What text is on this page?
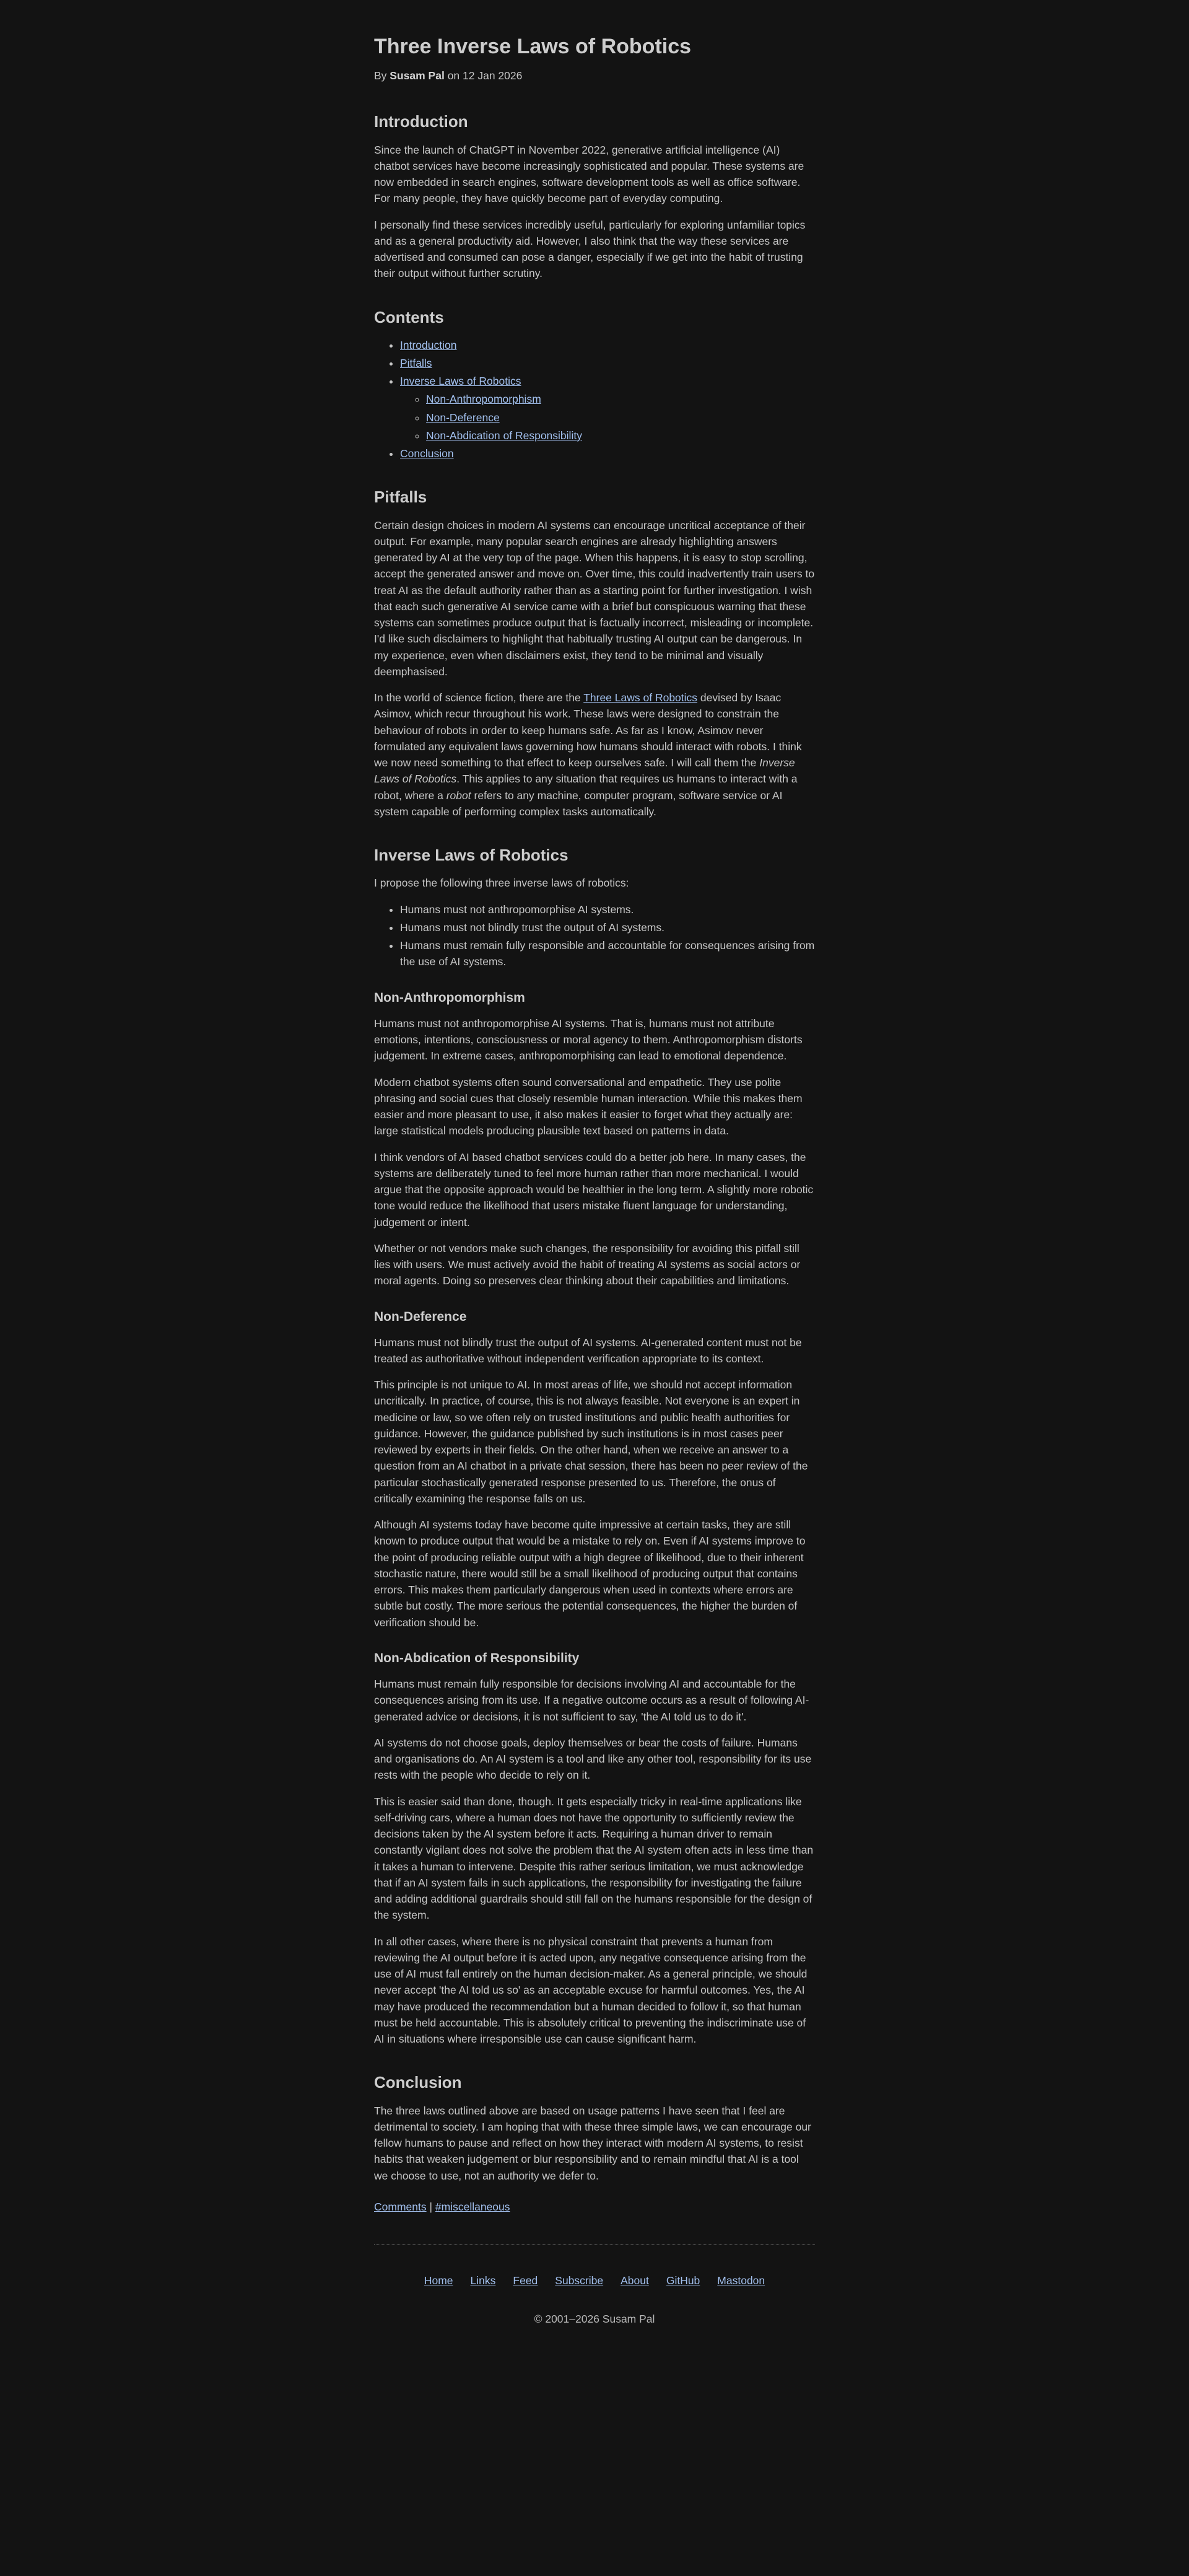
Three Inverse Laws of Robotics

By Susam Pal on 12 Jan 2026

Introduction

Since the launch of ChatGPT in November 2022, generative artificial intelligence (AI) chatbot services have become increasingly sophisticated and popular. These systems are now embedded in search engines, software development tools as well as office software. For many people, they have quickly become part of everyday computing.

I personally find these services incredibly useful, particularly for exploring unfamiliar topics and as a general productivity aid. However, I also think that the way these services are advertised and consumed can pose a danger, especially if we get into the habit of trusting their output without further scrutiny.

Contents
• Introduction
• Pitfalls
• Inverse Laws of Robotics
◦ Non-Anthropomorphism
◦ Non-Deference
◦ Non-Abdication of Responsibility
• Conclusion
Pitfalls

Certain design choices in modern AI systems can encourage uncritical acceptance of their output. For example, many popular search engines are already highlighting answers generated by AI at the very top of the page. When this happens, it is easy to stop scrolling, accept the generated answer and move on. Over time, this could inadvertently train users to treat AI as the default authority rather than as a starting point for further investigation. I wish that each such generative AI service came with a brief but conspicuous warning that these systems can sometimes produce output that is factually incorrect, misleading or incomplete. I'd like such disclaimers to highlight that habitually trusting AI output can be dangerous. In my experience, even when disclaimers exist, they tend to be minimal and visually deemphasised.

In the world of science fiction, there are the Three Laws of Robotics devised by Isaac Asimov, which recur throughout his work. These laws were designed to constrain the behaviour of robots in order to keep humans safe. As far as I know, Asimov never formulated any equivalent laws governing how humans should interact with robots. I think we now need something to that effect to keep ourselves safe. I will call them the Inverse Laws of Robotics. This applies to any situation that requires us humans to interact with a robot, where a robot refers to any machine, computer program, software service or AI system capable of performing complex tasks automatically.

Inverse Laws of Robotics

I propose the following three inverse laws of robotics:

• Humans must not anthropomorphise AI systems.
• Humans must not blindly trust the output of AI systems.
• Humans must remain fully responsible and accountable for consequences arising from the use of AI systems.
Non-Anthropomorphism

Humans must not anthropomorphise AI systems. That is, humans must not attribute emotions, intentions, consciousness or moral agency to them. Anthropomorphism distorts judgement. In extreme cases, anthropomorphising can lead to emotional dependence.

Modern chatbot systems often sound conversational and empathetic. They use polite phrasing and social cues that closely resemble human interaction. While this makes them easier and more pleasant to use, it also makes it easier to forget what they actually are: large statistical models producing plausible text based on patterns in data.

I think vendors of AI based chatbot services could do a better job here. In many cases, the systems are deliberately tuned to feel more human rather than more mechanical. I would argue that the opposite approach would be healthier in the long term. A slightly more robotic tone would reduce the likelihood that users mistake fluent language for understanding, judgement or intent.

Whether or not vendors make such changes, the responsibility for avoiding this pitfall still lies with users. We must actively avoid the habit of treating AI systems as social actors or moral agents. Doing so preserves clear thinking about their capabilities and limitations.

Non-Deference

Humans must not blindly trust the output of AI systems. AI-generated content must not be treated as authoritative without independent verification appropriate to its context.

This principle is not unique to AI. In most areas of life, we should not accept information uncritically. In practice, of course, this is not always feasible. Not everyone is an expert in medicine or law, so we often rely on trusted institutions and public health authorities for guidance. However, the guidance published by such institutions is in most cases peer reviewed by experts in their fields. On the other hand, when we receive an answer to a question from an AI chatbot in a private chat session, there has been no peer review of the particular stochastically generated response presented to us. Therefore, the onus of critically examining the response falls on us.

Although AI systems today have become quite impressive at certain tasks, they are still known to produce output that would be a mistake to rely on. Even if AI systems improve to the point of producing reliable output with a high degree of likelihood, due to their inherent stochastic nature, there would still be a small likelihood of producing output that contains errors. This makes them particularly dangerous when used in contexts where errors are subtle but costly. The more serious the potential consequences, the higher the burden of verification should be.

Non-Abdication of Responsibility

Humans must remain fully responsible for decisions involving AI and accountable for the consequences arising from its use. If a negative outcome occurs as a result of following AI-generated advice or decisions, it is not sufficient to say, 'the AI told us to do it'.

AI systems do not choose goals, deploy themselves or bear the costs of failure. Humans and organisations do. An AI system is a tool and like any other tool, responsibility for its use rests with the people who decide to rely on it.

This is easier said than done, though. It gets especially tricky in real-time applications like self-driving cars, where a human does not have the opportunity to sufficiently review the decisions taken by the AI system before it acts. Requiring a human driver to remain constantly vigilant does not solve the problem that the AI system often acts in less time than it takes a human to intervene. Despite this rather serious limitation, we must acknowledge that if an AI system fails in such applications, the responsibility for investigating the failure and adding additional guardrails should still fall on the humans responsible for the design of the system.

In all other cases, where there is no physical constraint that prevents a human from reviewing the AI output before it is acted upon, any negative consequence arising from the use of AI must fall entirely on the human decision-maker. As a general principle, we should never accept 'the AI told us so' as an acceptable excuse for harmful outcomes. Yes, the AI may have produced the recommendation but a human decided to follow it, so that human must be held accountable. This is absolutely critical to preventing the indiscriminate use of AI in situations where irresponsible use can cause significant harm.

Conclusion

The three laws outlined above are based on usage patterns I have seen that I feel are detrimental to society. I am hoping that with these three simple laws, we can encourage our fellow humans to pause and reflect on how they interact with modern AI systems, to resist habits that weaken judgement or blur responsibility and to remain mindful that AI is a tool we choose to use, not an authority we defer to.

Comments | #miscellaneous

Home Links Feed Subscribe About GitHub Mastodon

© 2001–2026 Susam Pal
